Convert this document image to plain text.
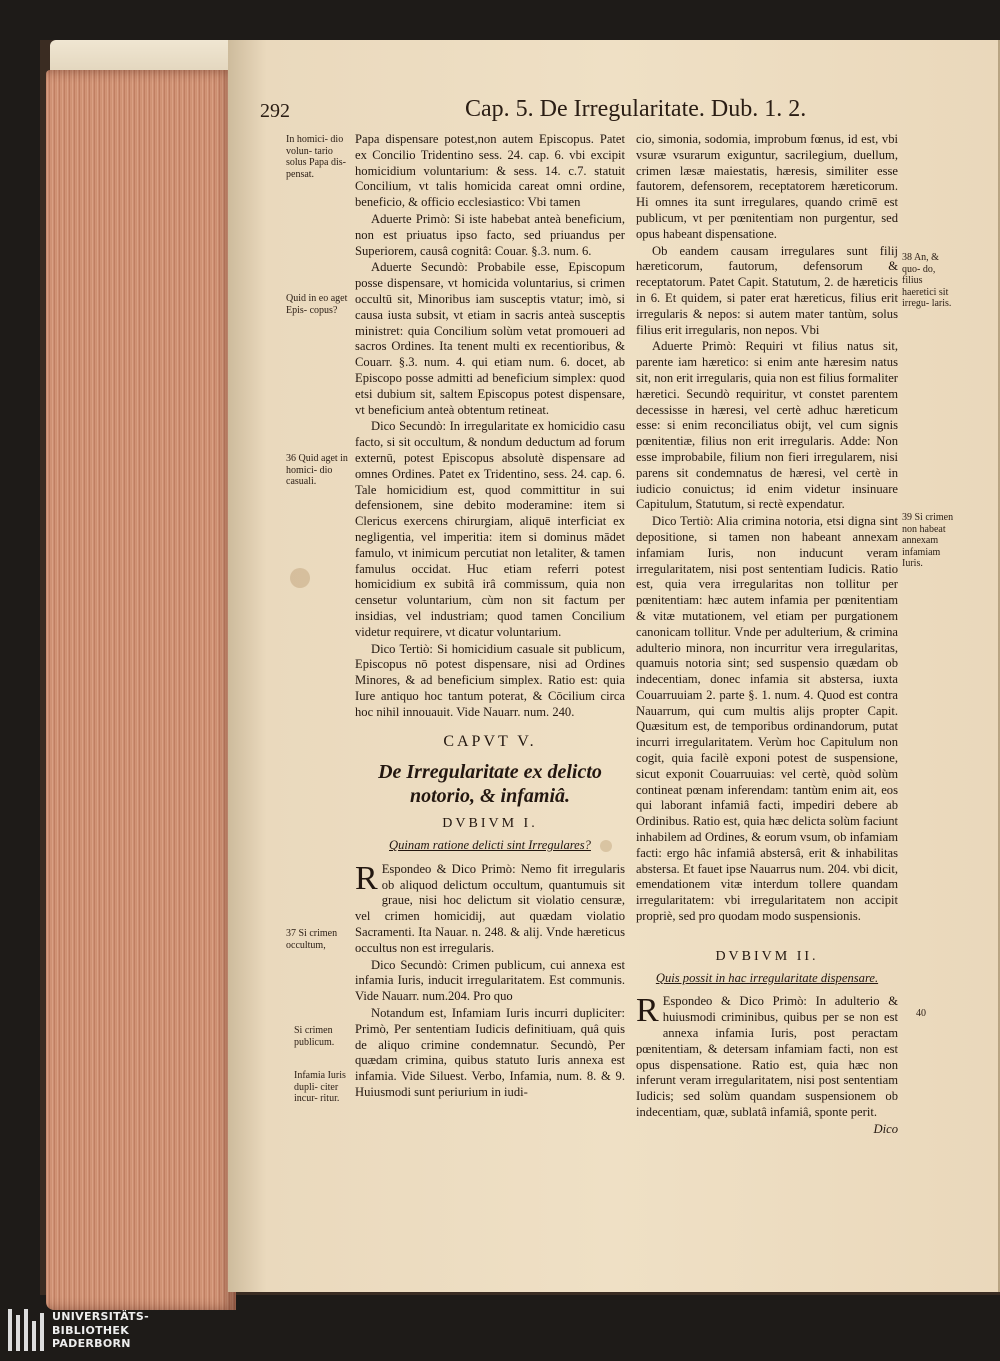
292	Cap. 5. De Irregularitate. Dub. 1. 2.
In homici- dio volun- tario solus Papa dis- pensat.
Quid in eo aget Epis- copus?
36 Quid aget in homici- dio casuali.
37 Si crimen occultum,
Si crimen publicum.
Infamia Iuris dupli- citer incur- ritur.
38 An, & quo- do, filius haeretici sit irregu- laris.
39 Si crimen non habeat annexam infamiam Iuris.
40

Papa dispensare potest,non autem Episcopus. Patet ex Concilio Tridentino sess. 24. cap. 6. vbi excipit homicidium voluntarium: & sess. 14. c.7. statuit Concilium, vt talis homicida careat omni ordine, beneficio, & officio ecclesiastico: Vbi tamen

Aduerte Primò: Si iste habebat anteà beneficium, non est priuatus ipso facto, sed priuandus per Superiorem, causâ cognitâ: Couar. §.3. num. 6.

Aduerte Secundò: Probabile esse, Episcopum posse dispensare, vt homicida voluntarius, si crimen occultū sit, Minoribus iam susceptis vtatur; imò, si causa iusta subsit, vt etiam in sacris anteà susceptis ministret: quia Concilium solùm vetat promoueri ad sacros Ordines. Ita tenent multi ex recentioribus, & Couarr. §.3. num. 4. qui etiam num. 6. docet, ab Episcopo posse admitti ad beneficium simplex: quod etsi dubium sit, saltem Episcopus potest dispensare, vt beneficium anteà obtentum retineat.

Dico Secundò: In irregularitate ex homicidio casu facto, si sit occultum, & nondum deductum ad forum externū, potest Episcopus absolutè dispensare ad omnes Ordines. Patet ex Tridentino, sess. 24. cap. 6. Tale homicidium est, quod committitur in sui defensionem, sine debito moderamine: item si Clericus exercens chirurgiam, aliquē interficiat ex negligentia, vel imperitia: item si dominus mādet famulo, vt inimicum percutiat non letaliter, & tamen famulus occidat. Huc etiam referri potest homicidium ex subitâ irâ commissum, quia non censetur voluntarium, cùm non sit factum per insidias, vel industriam; quod tamen Concilium videtur requirere, vt dicatur voluntarium.

Dico Tertiò: Si homicidium casuale sit publicum, Episcopus nō potest dispensare, nisi ad Ordines Minores, & ad beneficium simplex. Ratio est: quia Iure antiquo hoc tantum poterat, & Cōcilium circa hoc nihil innouauit. Vide Nauarr. num. 240.

CAPVT V.

De Irregularitate ex delicto notorio, & infamiâ.

DVBIVM I.

Quinam ratione delicti sint Irregulares?

R Espondeo & Dico Primò: Nemo fit irregularis ob aliquod delictum occultum, quantumuis sit graue, nisi hoc delictum sit violatio censuræ, vel crimen homicidij, aut quædam violatio Sacramenti. Ita Nauar. n. 248. & alij. Vnde hæreticus occultus non est irregularis.

Dico Secundò: Crimen publicum, cui annexa est infamia Iuris, inducit irregularitatem. Est communis. Vide Nauarr. num.204. Pro quo

Notandum est, Infamiam Iuris incurri dupliciter: Primò, Per sententiam Iudicis definitiuam, quâ quis de aliquo crimine condemnatur. Secundò, Per quædam crimina, quibus statuto Iuris annexa est infamia. Vide Siluest. Verbo, Infamia, num. 8. & 9. Huiusmodi sunt periurium in iudi-

cio, simonia, sodomia, improbum fœnus, id est, vbi vsuræ vsurarum exiguntur, sacrilegium, duellum, crimen læsæ maiestatis, hæresis, similiter esse fautorem, defensorem, receptatorem hæreticorum. Hi omnes ita sunt irregulares, quando crimē est publicum, vt per pœnitentiam non purgentur, sed opus habeant dispensatione.

Ob eandem causam irregulares sunt filij hæreticorum, fautorum, defensorum & receptatorum. Patet Capit. Statutum, 2. de hæreticis in 6. Et quidem, si pater erat hæreticus, filius erit irregularis & nepos: si autem mater tantùm, solus filius erit irregularis, non nepos. Vbi

Aduerte Primò: Requiri vt filius natus sit, parente iam hæretico: si enim ante hæresim natus sit, non erit irregularis, quia non est filius formaliter hæretici. Secundò requiritur, vt constet parentem decessisse in hæresi, vel certè adhuc hæreticum esse: si enim reconciliatus obijt, vel cum signis pœnitentiæ, filius non erit irregularis. Adde: Non esse improbabile, filium non fieri irregularem, nisi parens sit condemnatus de hæresi, vel certè in iudicio conuictus; id enim videtur insinuare Capitulum, Statutum, si rectè expendatur.

Dico Tertiò: Alia crimina notoria, etsi digna sint depositione, si tamen non habeant annexam infamiam Iuris, non inducunt veram irregularitatem, nisi post sententiam Iudicis. Ratio est, quia vera irregularitas non tollitur per pœnitentiam: hæc autem infamia per pœnitentiam & vitæ mutationem, vel etiam per purgationem canonicam tollitur. Vnde per adulterium, & crimina adulterio minora, non incurritur vera irregularitas, quamuis notoria sint; sed suspensio quædam ob indecentiam, donec infamia sit abstersa, iuxta Couarruuiam 2. parte §. 1. num. 4. Quod est contra Nauarrum, qui cum multis alijs propter Capit. Quæsitum est, de temporibus ordinandorum, putat incurri irregularitatem. Verùm hoc Capitulum non cogit, quia facilè exponi potest de suspensione, sicut exponit Couarruuias: vel certè, quòd solùm contineat pœnam inferendam: tantùm enim ait, eos qui laborant infamiâ facti, impediri debere ab Ordinibus. Ratio est, quia hæc delicta solùm faciunt inhabilem ad Ordines, & eorum vsum, ob infamiam facti: ergo hâc infamiâ abstersâ, erit & inhabilitas abstersa. Et fauet ipse Nauarrus num. 204. vbi dicit, emendationem vitæ interdum tollere quandam irregularitatem: vbi irregularitatem non accipit propriè, sed pro quodam modo suspensionis.

DVBIVM II.

Quis possit in hac irregularitate dispensare.

R Espondeo & Dico Primò: In adulterio & huiusmodi criminibus, quibus per se non est annexa infamia Iuris, post peractam pœnitentiam, & detersam infamiam facti, non est opus dispensatione. Ratio est, quia hæc non inferunt veram irregularitatem, nisi post sententiam Iudicis; sed solùm quandam suspensionem ob indecentiam, quæ, sublatâ infamiâ, sponte perit.

Dico

UNIVERSITÄTS-
BIBLIOTHEK
PADERBORN
